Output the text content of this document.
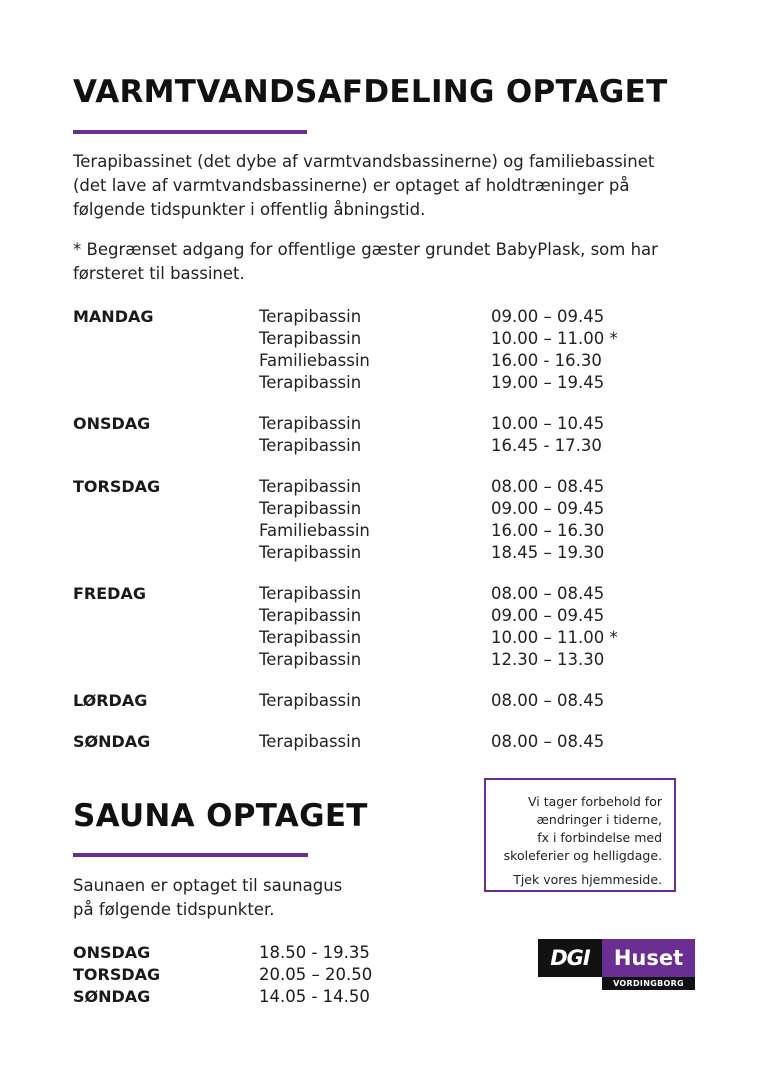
VARMTVANDSAFDELING OPTAGET

Terapibassinet (det dybe af varmtvandsbassinerne) og familiebassinet (det lave af varmtvandsbassinerne) er optaget af holdtræninger på følgende tidspunkter i offentlig åbningstid.

* Begrænset adgang for offentlige gæster grundet BabyPlask, som har førsteret til bassinet.

MANDAG	Terapibassin	09.00 – 09.45
Terapibassin	10.00 – 11.00 *
Familiebassin	16.00 - 16.30
Terapibassin	19.00 – 19.45
ONSDAG	Terapibassin	10.00 – 10.45
Terapibassin	16.45 - 17.30
TORSDAG	Terapibassin	08.00 – 08.45
Terapibassin	09.00 – 09.45
Familiebassin	16.00 – 16.30
Terapibassin	18.45 – 19.30
FREDAG	Terapibassin	08.00 – 08.45
Terapibassin	09.00 – 09.45
Terapibassin	10.00 – 11.00 *
Terapibassin	12.30 – 13.30
LØRDAG	Terapibassin	08.00 – 08.45
SØNDAG	Terapibassin	08.00 – 08.45

Vi tager forbehold for

ændringer i tiderne,

fx i forbindelse med

skoleferier og helligdage.

Tjek vores hjemmeside.

SAUNA OPTAGET

Saunaen er optaget til saunagus
på følgende tidspunkter.

ONSDAG	18.50 - 19.35
TORSDAG	20.05 – 20.50
SØNDAG	14.05 - 14.50
DGI	Huset
VORDINGBORG
